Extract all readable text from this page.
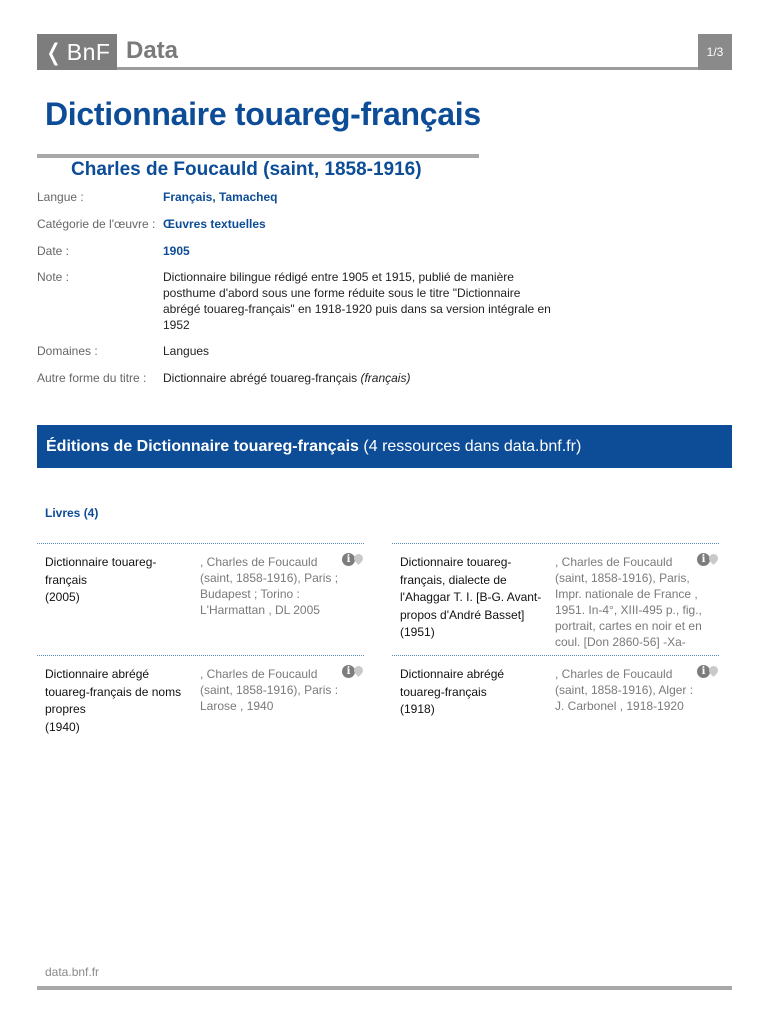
❬ BnF Data	1/3
Dictionnaire touareg-français
Charles de Foucauld (saint, 1858-1916)
Langue :	Français, Tamacheq
Catégorie de l'œuvre : Œuvres textuelles
Date :	1905
Note :	Dictionnaire bilingue rédigé entre 1905 et 1915, publié de manière posthume d'abord sous une forme réduite sous le titre "Dictionnaire abrégé touareg-français" en 1918-1920 puis dans sa version intégrale en 1952
Domaines :	Langues
Autre forme du titre :	Dictionnaire abrégé touareg-français (français)
Éditions de Dictionnaire touareg-français (4 ressources dans data.bnf.fr)
Livres (4)
Dictionnaire touareg-français
(2005)
, Charles de Foucauld (saint, 1858-1916), Paris ; Budapest ; Torino : L'Harmattan , DL 2005
i	Dictionnaire touareg-français, dialecte de l'Ahaggar T. I. [B-G. Avant-propos d'André Basset]
(1951)
, Charles de Foucauld (saint, 1858-1916), Paris, Impr. nationale de France , 1951. In-4°, XIII-495 p., fig., portrait, cartes en noir et en coul. [Don 2860-56] -Xa-
i
Dictionnaire abrégé touareg-français de noms propres
(1940)
, Charles de Foucauld (saint, 1858-1916), Paris : Larose , 1940
i	Dictionnaire abrégé touareg-français
(1918)
, Charles de Foucauld (saint, 1858-1916), Alger : J. Carbonel , 1918-1920
i
data.bnf.fr
